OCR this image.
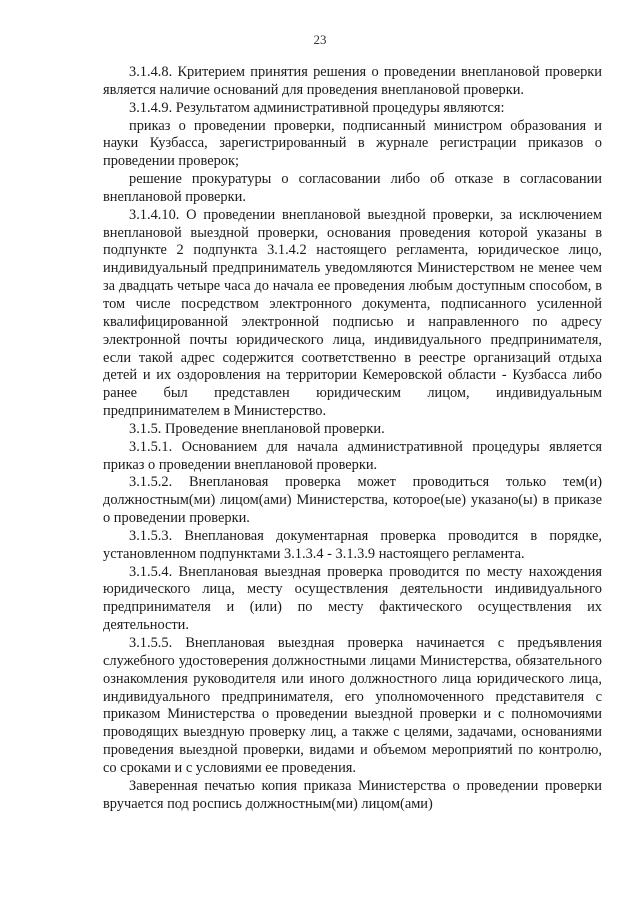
23

3.1.4.8. Критерием принятия решения о проведении внеплановой проверки является наличие оснований для проведения внеплановой проверки.

3.1.4.9. Результатом административной процедуры являются:

приказ о проведении проверки, подписанный министром образования и науки Кузбасса, зарегистрированный в журнале регистрации приказов о проведении проверок;

решение прокуратуры о согласовании либо об отказе в согласовании внеплановой проверки.

3.1.4.10. О проведении внеплановой выездной проверки, за исключением внеплановой выездной проверки, основания проведения которой указаны в подпункте 2 подпункта 3.1.4.2 настоящего регламента, юридическое лицо, индивидуальный предприниматель уведомляются Министерством не менее чем за двадцать четыре часа до начала ее проведения любым доступным способом, в том числе посредством электронного документа, подписанного усиленной квалифицированной электронной подписью и направленного по адресу электронной почты юридического лица, индивидуального предпринимателя, если такой адрес содержится соответственно в реестре организаций отдыха детей и их оздоровления на территории Кемеровской области - Кузбасса либо ранее был представлен юридическим лицом, индивидуальным предпринимателем в Министерство.

3.1.5. Проведение внеплановой проверки.

3.1.5.1. Основанием для начала административной процедуры является приказ о проведении внеплановой проверки.

3.1.5.2. Внеплановая проверка может проводиться только тем(и) должностным(ми) лицом(ами) Министерства, которое(ые) указано(ы) в приказе о проведении проверки.

3.1.5.3. Внеплановая документарная проверка проводится в порядке, установленном подпунктами 3.1.3.4 - 3.1.3.9 настоящего регламента.

3.1.5.4. Внеплановая выездная проверка проводится по месту нахождения юридического лица, месту осуществления деятельности индивидуального предпринимателя и (или) по месту фактического осуществления их деятельности.

3.1.5.5. Внеплановая выездная проверка начинается с предъявления служебного удостоверения должностными лицами Министерства, обязательного ознакомления руководителя или иного должностного лица юридического лица, индивидуального предпринимателя, его уполномоченного представителя с приказом Министерства о проведении выездной проверки и с полномочиями проводящих выездную проверку лиц, а также с целями, задачами, основаниями проведения выездной проверки, видами и объемом мероприятий по контролю, со сроками и с условиями ее проведения.

Заверенная печатью копия приказа Министерства о проведении проверки вручается под роспись должностным(ми) лицом(ами)
